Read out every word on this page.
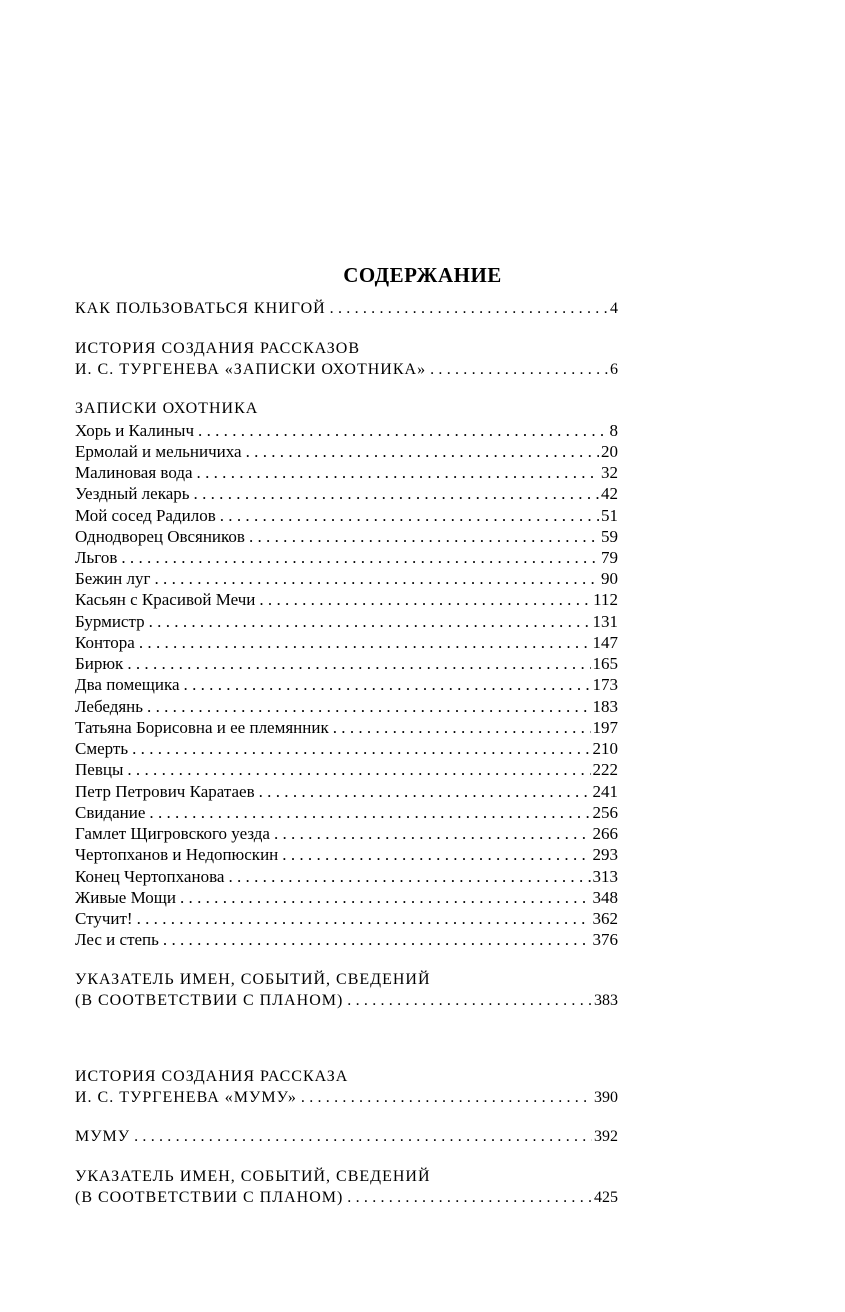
СОДЕРЖАНИЕ
КАК ПОЛЬЗОВАТЬСЯ КНИГОЙ .....	4
ИСТОРИЯ СОЗДАНИЯ РАССКАЗОВ
И. С. ТУРГЕНЕВА «ЗАПИСКИ ОХОТНИКА» .....	6
ЗАПИСКИ ОХОТНИКА
Хорь и Калиныч .....	8
Ермолай и мельничиха .....	20
Малиновая вода .....	32
Уездный лекарь .....	42
Мой сосед Радилов .....	51
Однодворец Овсяников .....	59
Льгов .....	79
Бежин луг .....	90
Касьян с Красивой Мечи .....	112
Бурмистр .....	131
Контора .....	147
Бирюк .....	165
Два помещика .....	173
Лебедянь .....	183
Татьяна Борисовна и ее племянник .....	197
Смерть .....	210
Певцы .....	222
Петр Петрович Каратаев .....	241
Свидание .....	256
Гамлет Щигровского уезда .....	266
Чертопханов и Недопюскин .....	293
Конец Чертопханова .....	313
Живые Мощи .....	348
Стучит! .....	362
Лес и степь .....	376
УКАЗАТЕЛЬ ИМЕН, СОБЫТИЙ, СВЕДЕНИЙ
(В СООТВЕТСТВИИ С ПЛАНОМ) .....	383
ИСТОРИЯ СОЗДАНИЯ РАССКАЗА
И. С. ТУРГЕНЕВА «МУМУ» .....	390
МУМУ .....	392
УКАЗАТЕЛЬ ИМЕН, СОБЫТИЙ, СВЕДЕНИЙ
(В СООТВЕТСТВИИ С ПЛАНОМ) .....	425
